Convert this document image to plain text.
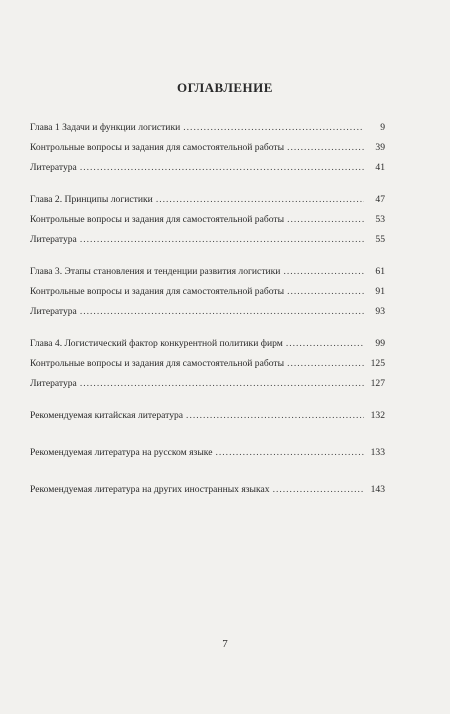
ОГЛАВЛЕНИЕ
Глава 1 Задачи и функции логистики .....	9
Контрольные вопросы и задания для самостоятельной работы .....	39
Литература .....	41
Глава 2. Принципы логистики .....	47
Контрольные вопросы и задания для самостоятельной работы .....	53
Литература .....	55
Глава 3. Этапы становления и тенденции развития логистики .....	61
Контрольные вопросы и задания для самостоятельной работы .....	91
Литература .....	93
Глава 4. Логистический фактор конкурентной политики фирм .....	99
Контрольные вопросы и задания для самостоятельной работы .....	125
Литература .....	127
Рекомендуемая китайская литература .....	132
Рекомендуемая литература на русском языке .....	133
Рекомендуемая литература на других иностранных языках .....	143
7
